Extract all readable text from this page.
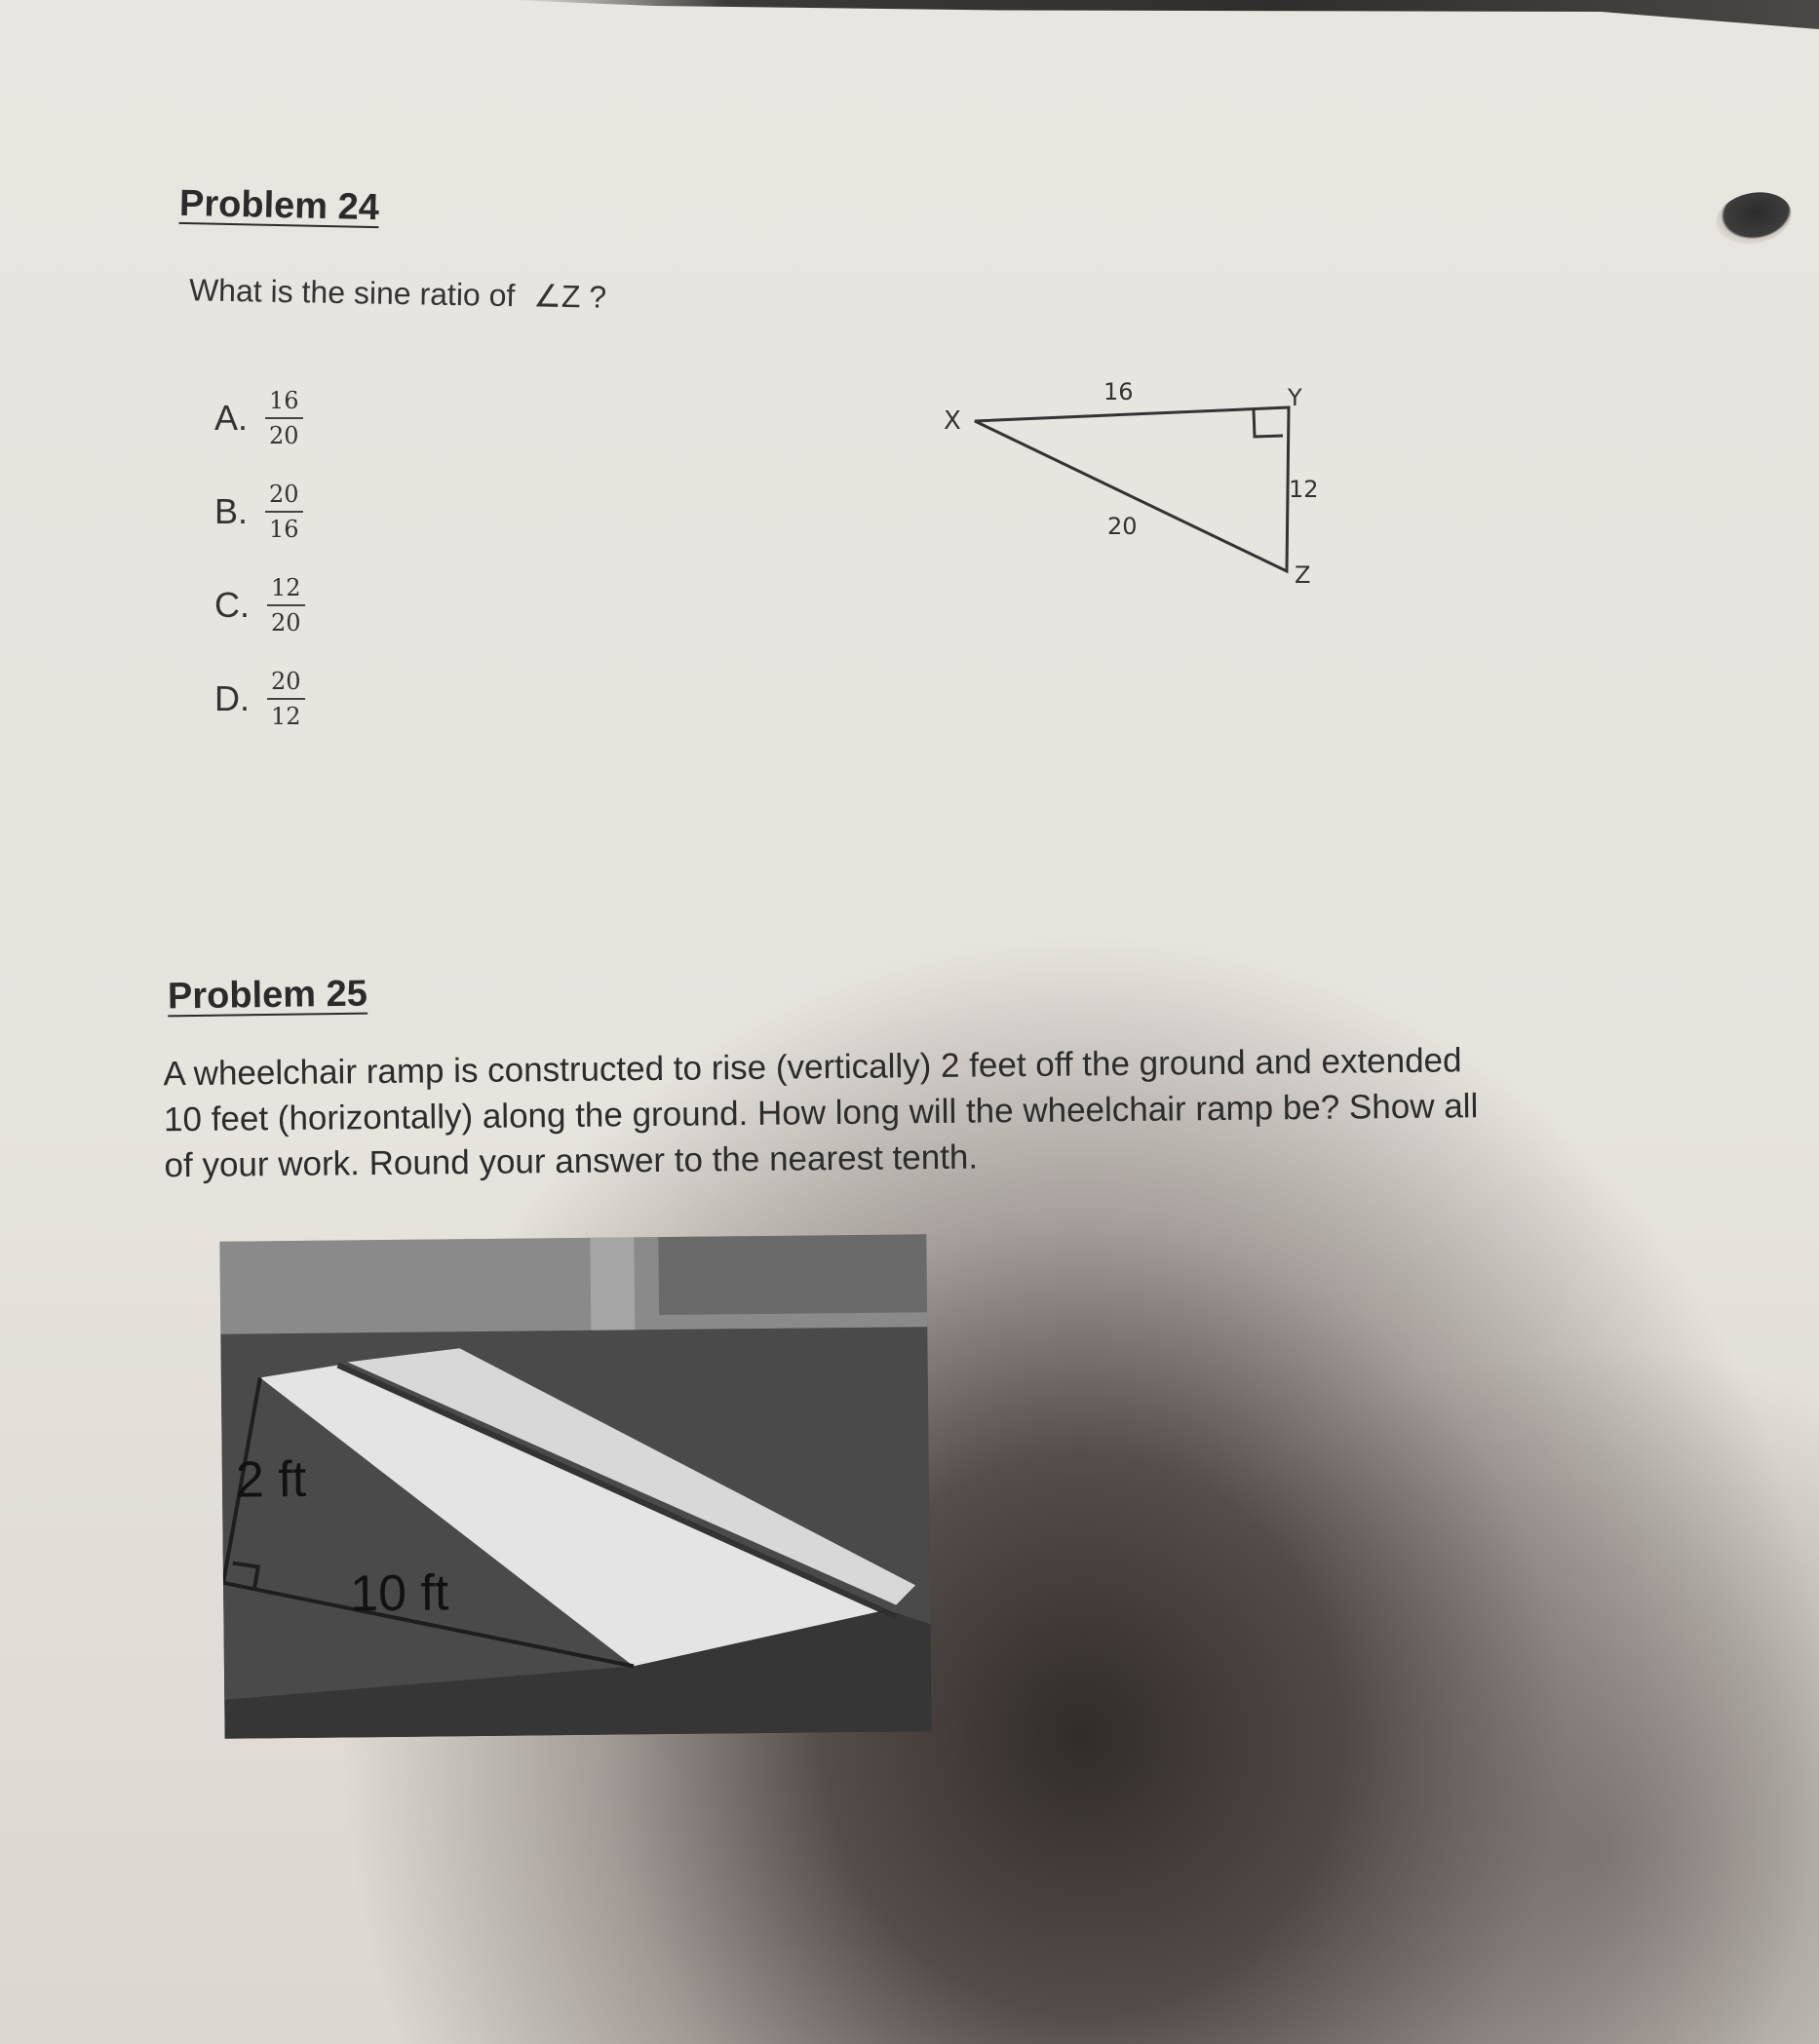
Problem 24
What is the sine ratio of ∠Z ?
A. $\frac{16}{20}$
B. $\frac{20}{16}$
C. $\frac{12}{20}$
D. $\frac{20}{12}$
X
Y
Z
16
12
20
Problem 25
A wheelchair ramp is constructed to rise (vertically) 2 feet off the ground and extended
10 feet (horizontally) along the ground. How long will the wheelchair ramp be? Show all
of your work. Round your answer to the nearest tenth.
2 ft
10 ft
